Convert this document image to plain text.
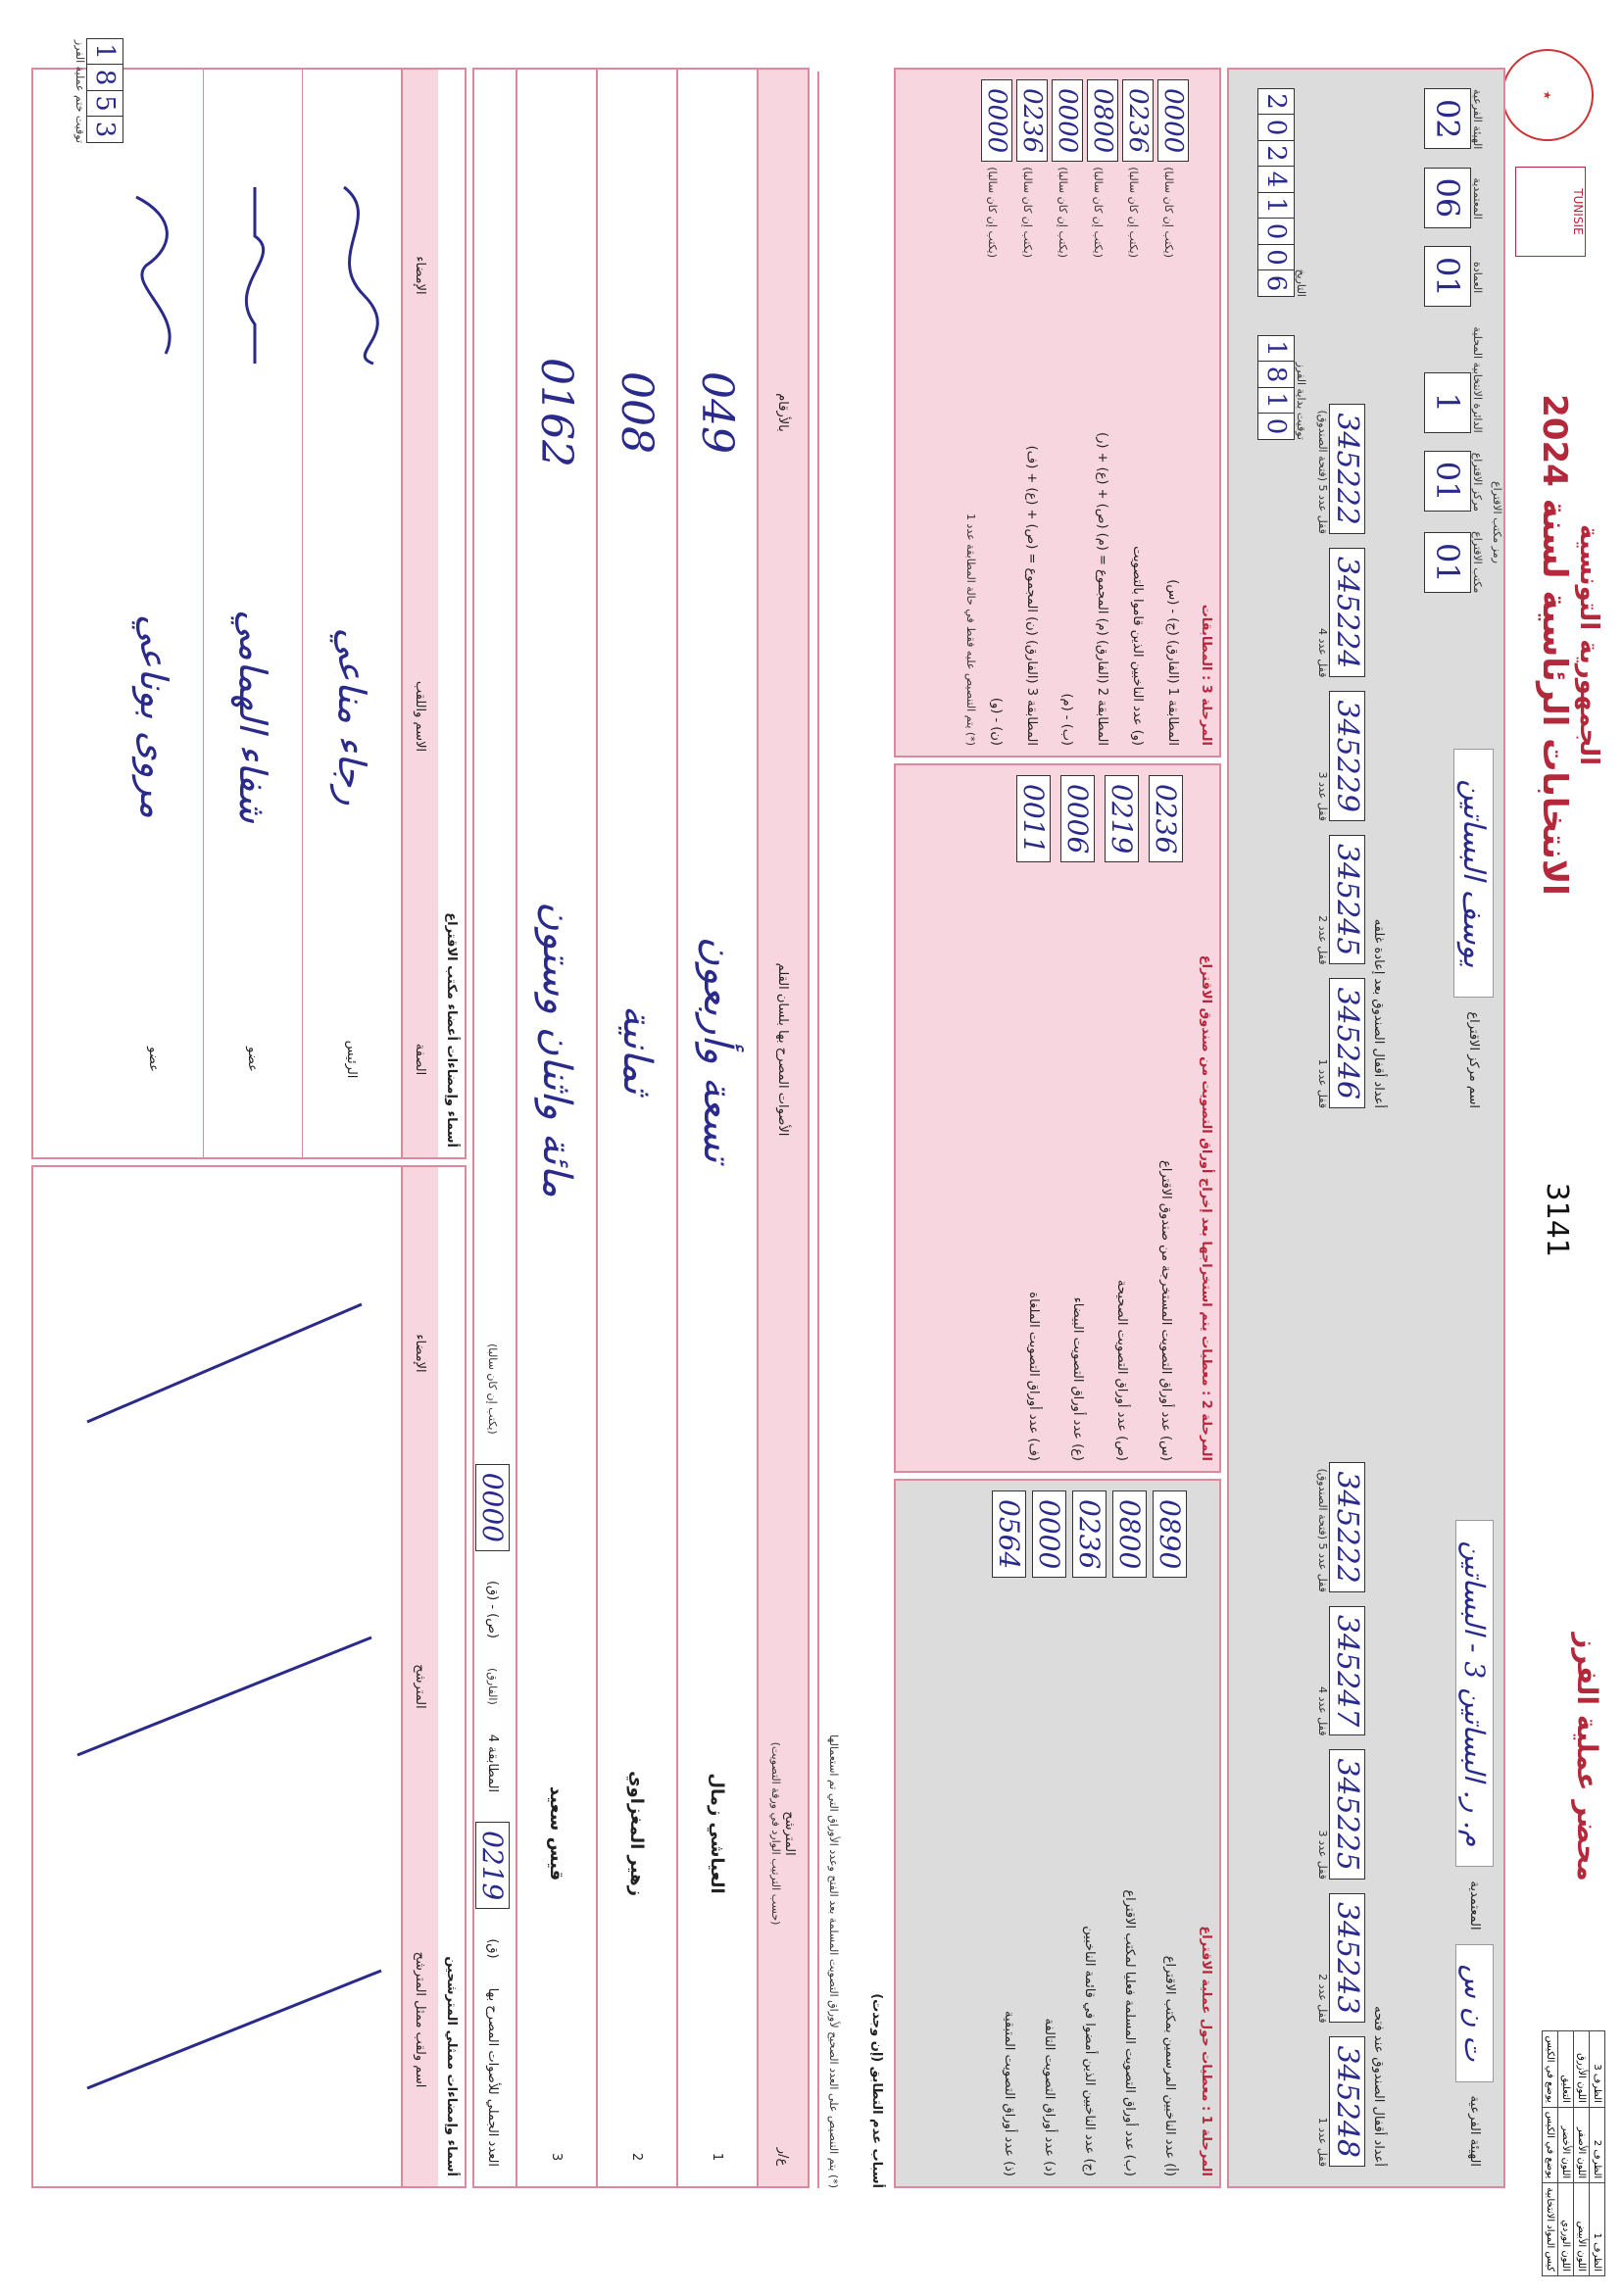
3141
محضر عملية الفرز
الجمهورية التونسية
الانتخابات الرئاسية لسنة 2024
★
TUNISIE
الظرف 1	الظرف 2	الظرف 3
اللون الأبيض	اللون الأصفر	اللون الأزرق
اللون الوردي	اللون الأخضر	التعليق
كيس المواد الانتخابية	يوضع في الكيس	يوضع في الكيس
الهيئة الفرعية
ت ن س
المعتمدية
م. ر. البساتين 3 - البساتين
اسم مركز الاقتراع
يوسف البساتين
مكتب الاقتراع
01
مركز الاقتراع
01
الدائرة الانتخابية المحلية
1
العمادة
01
المعتمدية
06
الهيئة الفرعية
02
رمز مكتب الاقتراع
أعداد أقفال الصندوق عند فتحه
345248
قفل عدد 1
345243
قفل عدد 2
345225
قفل عدد 3
345247
قفل عدد 4
345222
قفل عدد 5 (فتحة الصندوق)
أعداد أقفال الصندوق بعد إعادة غلقه
345246
قفل عدد 1
345245
قفل عدد 2
345229
قفل عدد 3
345224
قفل عدد 4
345222
قفل عدد 5 (فتحة الصندوق)
توقيت بداية الفرز
1
8
1
0
التاريخ
2
0
2
4
1
0
0
6
المرحلة 1 : معطيات حول عملية الاقتراع
(أ) عدد الناخبين المرسمين بمكتب الاقتراع
0890
(ب) عدد أوراق التصويت المسلمة فعليا لمكتب الاقتراع
0800
(ج) عدد الناخبين الذين أمضوا في قائمة الناخبين
0236
(د) عدد أوراق التصويت التالفة
0000
(ذ) عدد أوراق التصويت المتبقية
0564
المرحلة 2 : معطيات يتم استخراجها بعد إخراج أوراق التصويت من صندوق الاقتراع
(س) عدد أوراق التصويت المستخرجة من صندوق الاقتراع
0236
(ص) عدد أوراق التصويت الصحيحة
0219
(ع) عدد أوراق التصويت البيضاء
0006
(ف) عدد أوراق التصويت الملغاة
0011
المرحلة 3 : المطابقات
المطابقة 1 (الفارق) (ج) - (س)
(يكتب إن كان سالبا) 0000
(و) عدد الناخبين الذين قاموا بالتصويت
(يكتب إن كان سالبا) 0236
المطابقة 2 (الفارق) (م) المجموع = (م) (ص) + (ع) + (ر)
(يكتب إن كان سالبا) 0800
(ب) - (م)
(يكتب إن كان سالبا) 0000
المطابقة 3 (الفارق) (ن) المجموع = (ص) + (ع) + (ف)
(يكتب إن كان سالبا) 0236
(ن) - (و)
(يكتب إن كان سالبا) 0000
(*) يتم التنصيص عليه فقط في حالة المطابقة عدد 1
أسباب عدم التطابق (إن وجدت)
(*) يتم التنصيص على العدد الصحيح لأوراق التصويت المسلمة بعد الفتح وعدد الأوراق التي تم استعمالها
ع/ر
المترشح
(حسب الترتيب الوارد في ورقة التصويت)
الأصوات المصرح بها بلسان القلم
بالأرقام
1
العياشي زمال
تسعة وأربعون
049
2
زهير المغزاوي
ثمانية
008
3
قيس سعيد
مائة واثنان وستون
0162
العدد الجملي للأصوات المصرح بها
(ق)
0219
المطابقة 4
(الفارق)
(ص) - (ق)
0000
(يكتب إن كان سالبا)
أسماء وإمضاءات ممثلي المترشحين
اسم ولقب ممثل المترشح
المترشح
الإمضاء
أسماء وإمضاءات أعضاء مكتب الاقتراع
الصفة
الاسم واللقب
الإمضاء
الرئيس
رجاء مناعي
عضو
شفاء الهمامي
عضو
مروى بوناعي
1
8
5
3
توقيت ختم عملية الفرز
